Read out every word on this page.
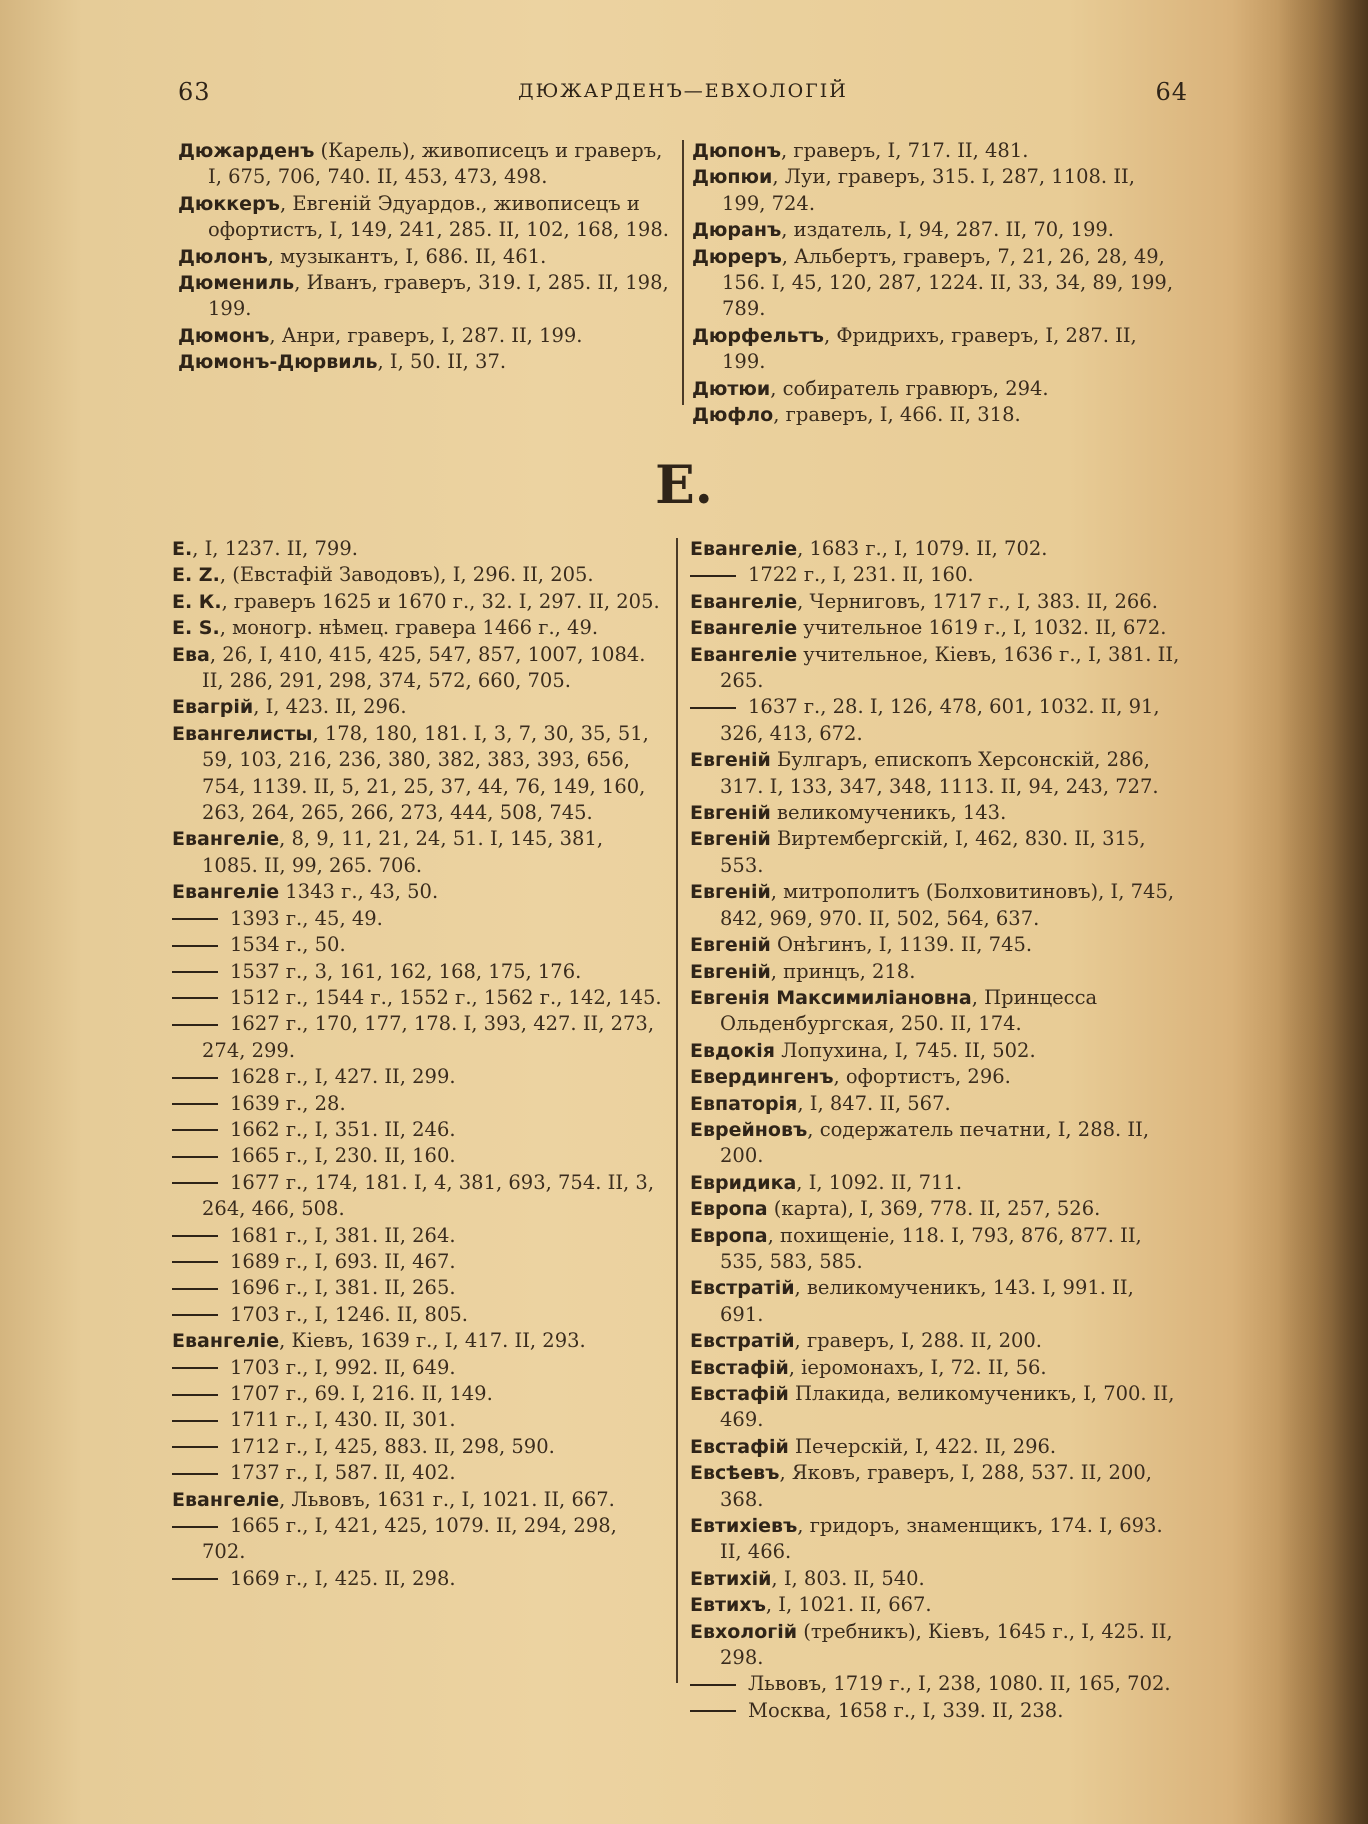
63	ДЮЖАРДЕНЪ—ЕВХОЛОГІЙ	64

Дюжарденъ (Карель), живописецъ и граверъ, I, 675, 706, 740. II, 453, 473, 498.

Дюккеръ, Евгеній Эдуардов., живописецъ и офортистъ, I, 149, 241, 285. II, 102, 168, 198.

Дюлонъ, музыкантъ, I, 686. II, 461.

Дюмениль, Иванъ, граверъ, 319. I, 285. II, 198, 199.

Дюмонъ, Анри, граверъ, I, 287. II, 199.

Дюмонъ-Дюрвиль, I, 50. II, 37.

Дюпонъ, граверъ, I, 717. II, 481.

Дюпюи, Луи, граверъ, 315. I, 287, 1108. II, 199, 724.

Дюранъ, издатель, I, 94, 287. II, 70, 199.

Дюреръ, Альбертъ, граверъ, 7, 21, 26, 28, 49, 156. I, 45, 120, 287, 1224. II, 33, 34, 89, 199, 789.

Дюрфельтъ, Фридрихъ, граверъ, I, 287. II, 199.

Дютюи, собиратель гравюръ, 294.

Дюфло, граверъ, I, 466. II, 318.

Е.

Е., I, 1237. II, 799.

Е. Z., (Евстафій Заводовъ), I, 296. II, 205.

Е. К., граверъ 1625 и 1670 г., 32. I, 297. II, 205.

Е. S., моногр. нѣмец. гравера 1466 г., 49.

Ева, 26, I, 410, 415, 425, 547, 857, 1007, 1084. II, 286, 291, 298, 374, 572, 660, 705.

Евагрій, I, 423. II, 296.

Евангелисты, 178, 180, 181. I, 3, 7, 30, 35, 51, 59, 103, 216, 236, 380, 382, 383, 393, 656, 754, 1139. II, 5, 21, 25, 37, 44, 76, 149, 160, 263, 264, 265, 266, 273, 444, 508, 745.

Евангеліе, 8, 9, 11, 21, 24, 51. I, 145, 381, 1085. II, 99, 265. 706.

Евангеліе 1343 г., 43, 50.

1393 г., 45, 49.

1534 г., 50.

1537 г., 3, 161, 162, 168, 175, 176.

1512 г., 1544 г., 1552 г., 1562 г., 142, 145.

1627 г., 170, 177, 178. I, 393, 427. II, 273, 274, 299.

1628 г., I, 427. II, 299.

1639 г., 28.

1662 г., I, 351. II, 246.

1665 г., I, 230. II, 160.

1677 г., 174, 181. I, 4, 381, 693, 754. II, 3, 264, 466, 508.

1681 г., I, 381. II, 264.

1689 г., I, 693. II, 467.

1696 г., I, 381. II, 265.

1703 г., I, 1246. II, 805.

Евангеліе, Кіевъ, 1639 г., I, 417. II, 293.

1703 г., I, 992. II, 649.

1707 г., 69. I, 216. II, 149.

1711 г., I, 430. II, 301.

1712 г., I, 425, 883. II, 298, 590.

1737 г., I, 587. II, 402.

Евангеліе, Львовъ, 1631 г., I, 1021. II, 667.

1665 г., I, 421, 425, 1079. II, 294, 298, 702.

1669 г., I, 425. II, 298.

Евангеліе, 1683 г., I, 1079. II, 702.

1722 г., I, 231. II, 160.

Евангеліе, Черниговъ, 1717 г., I, 383. II, 266.

Евангеліе учительное 1619 г., I, 1032. II, 672.

Евангеліе учительное, Кіевъ, 1636 г., I, 381. II, 265.

1637 г., 28. I, 126, 478, 601, 1032. II, 91, 326, 413, 672.

Евгеній Булгаръ, епископъ Херсонскій, 286, 317. I, 133, 347, 348, 1113. II, 94, 243, 727.

Евгеній великомученикъ, 143.

Евгеній Виртембергскій, I, 462, 830. II, 315, 553.

Евгеній, митрополитъ (Болховитиновъ), I, 745, 842, 969, 970. II, 502, 564, 637.

Евгеній Онѣгинъ, I, 1139. II, 745.

Евгеній, принцъ, 218.

Евгенія Максимиліановна, Принцесса Ольденбургская, 250. II, 174.

Евдокія Лопухина, I, 745. II, 502.

Евердингенъ, офортистъ, 296.

Евпаторія, I, 847. II, 567.

Еврейновъ, содержатель печатни, I, 288. II, 200.

Евридика, I, 1092. II, 711.

Европа (карта), I, 369, 778. II, 257, 526.

Европа, похищеніе, 118. I, 793, 876, 877. II, 535, 583, 585.

Евстратій, великомученикъ, 143. I, 991. II, 691.

Евстратій, граверъ, I, 288. II, 200.

Евстафій, іеромонахъ, I, 72. II, 56.

Евстафій Плакида, великомученикъ, I, 700. II, 469.

Евстафій Печерскій, I, 422. II, 296.

Евсѣевъ, Яковъ, граверъ, I, 288, 537. II, 200, 368.

Евтихіевъ, гридоръ, знаменщикъ, 174. I, 693. II, 466.

Евтихій, I, 803. II, 540.

Евтихъ, I, 1021. II, 667.

Евхологій (требникъ), Кіевъ, 1645 г., I, 425. II, 298.

Львовъ, 1719 г., I, 238, 1080. II, 165, 702.

Москва, 1658 г., I, 339. II, 238.
